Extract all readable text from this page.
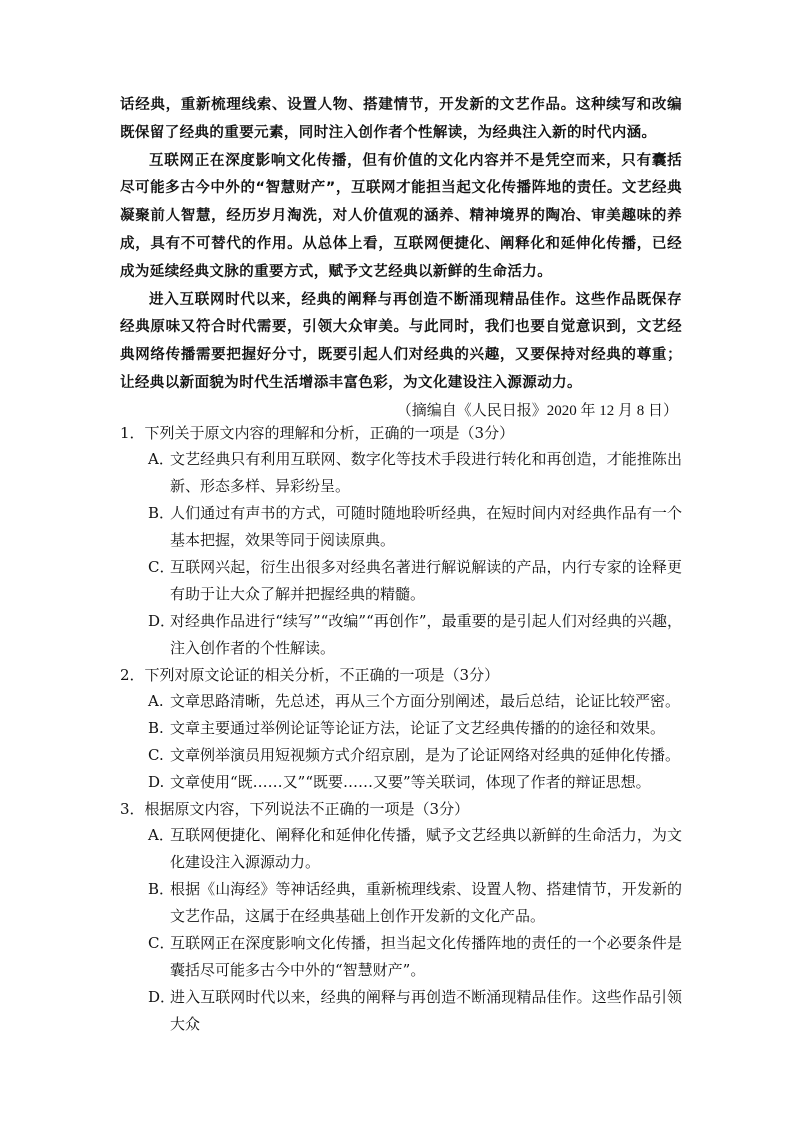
话经典，重新梳理线索、设置人物、搭建情节，开发新的文艺作品。这种续写和改编既保留了经典的重要元素，同时注入创作者个性解读，为经典注入新的时代内涵。

互联网正在深度影响文化传播，但有价值的文化内容并不是凭空而来，只有囊括尽可能多古今中外的“智慧财产”，互联网才能担当起文化传播阵地的责任。文艺经典凝聚前人智慧，经历岁月淘洗，对人价值观的涵养、精神境界的陶冶、审美趣味的养成，具有不可替代的作用。从总体上看，互联网便捷化、阐释化和延伸化传播，已经成为延续经典文脉的重要方式，赋予文艺经典以新鲜的生命活力。

进入互联网时代以来，经典的阐释与再创造不断涌现精品佳作。这些作品既保存经典原味又符合时代需要，引领大众审美。与此同时，我们也要自觉意识到，文艺经典网络传播需要把握好分寸，既要引起人们对经典的兴趣，又要保持对经典的尊重；让经典以新面貌为时代生活增添丰富色彩，为文化建设注入源源动力。

（摘编自《人民日报》2020 年 12 月 8 日）

1．下列关于原文内容的理解和分析，正确的一项是（3分）

A．文艺经典只有利用互联网、数字化等技术手段进行转化和再创造，才能推陈出新、形态多样、异彩纷呈。

B．人们通过有声书的方式，可随时随地聆听经典，在短时间内对经典作品有一个基本把握，效果等同于阅读原典。

C．互联网兴起，衍生出很多对经典名著进行解说解读的产品，内行专家的诠释更有助于让大众了解并把握经典的精髓。

D．对经典作品进行“续写”“改编”“再创作”，最重要的是引起人们对经典的兴趣，注入创作者的个性解读。

2．下列对原文论证的相关分析，不正确的一项是（3分）

A. 文章思路清晰，先总述，再从三个方面分别阐述，最后总结，论证比较严密。

B. 文章主要通过举例论证等论证方法，论证了文艺经典传播的的途径和效果。

C. 文章例举演员用短视频方式介绍京剧，是为了论证网络对经典的延伸化传播。

D. 文章使用“既……又”“既要……又要”等关联词，体现了作者的辩证思想。

3．根据原文内容，下列说法不正确的一项是（3分）

A．互联网便捷化、阐释化和延伸化传播，赋予文艺经典以新鲜的生命活力，为文化建设注入源源动力。

B．根据《山海经》等神话经典，重新梳理线索、设置人物、搭建情节，开发新的文艺作品，这属于在经典基础上创作开发新的文化产品。

C．互联网正在深度影响文化传播，担当起文化传播阵地的责任的一个必要条件是囊括尽可能多古今中外的“智慧财产”。

D．进入互联网时代以来，经典的阐释与再创造不断涌现精品佳作。这些作品引领大众
